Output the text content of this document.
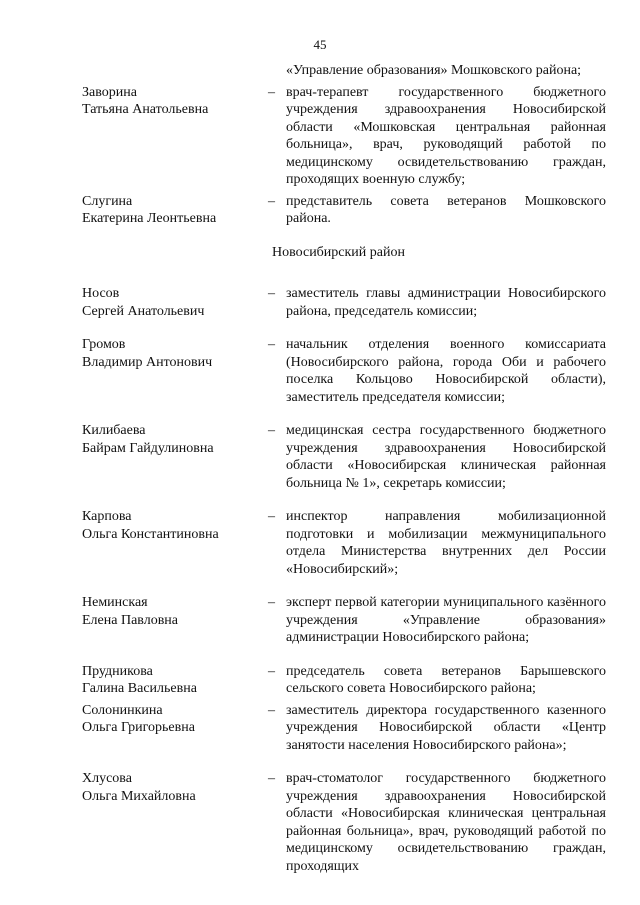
45
«Управление образования» Мошковского района;
Заворина
Татьяна Анатольевна
– врач-терапевт государственного бюджетного учреждения здравоохранения Новосибирской области «Мошковская центральная районная больница», врач, руководящий работой по медицинскому освидетельствованию граждан, проходящих военную службу;
Слугина
Екатерина Леонтьевна
– представитель совета ветеранов Мошковского района.
Новосибирский район
Носов
Сергей Анатольевич
– заместитель главы администрации Новосибирского района, председатель комиссии;
Громов
Владимир Антонович
– начальник отделения военного комиссариата (Новосибирского района, города Оби и рабочего поселка Кольцово Новосибирской области), заместитель председателя комиссии;
Килибаева
Байрам Гайдулиновна
– медицинская сестра государственного бюджетного учреждения здравоохранения Новосибирской области «Новосибирская клиническая районная больница № 1», секретарь комиссии;
Карпова
Ольга Константиновна
– инспектор направления мобилизационной подготовки и мобилизации межмуниципального отдела Министерства внутренних дел России «Новосибирский»;
Неминская
Елена Павловна
– эксперт первой категории муниципального казённого учреждения «Управление образования» администрации Новосибирского района;
Прудникова
Галина Васильевна
– председатель совета ветеранов Барышевского сельского совета Новосибирского района;
Солонинкина
Ольга Григорьевна
– заместитель директора государственного казенного учреждения Новосибирской области «Центр занятости населения Новосибирского района»;
Хлусова
Ольга Михайловна
– врач-стоматолог государственного бюджетного учреждения здравоохранения Новосибирской области «Новосибирская клиническая центральная районная больница», врач, руководящий работой по медицинскому освидетельствованию граждан, проходящих
